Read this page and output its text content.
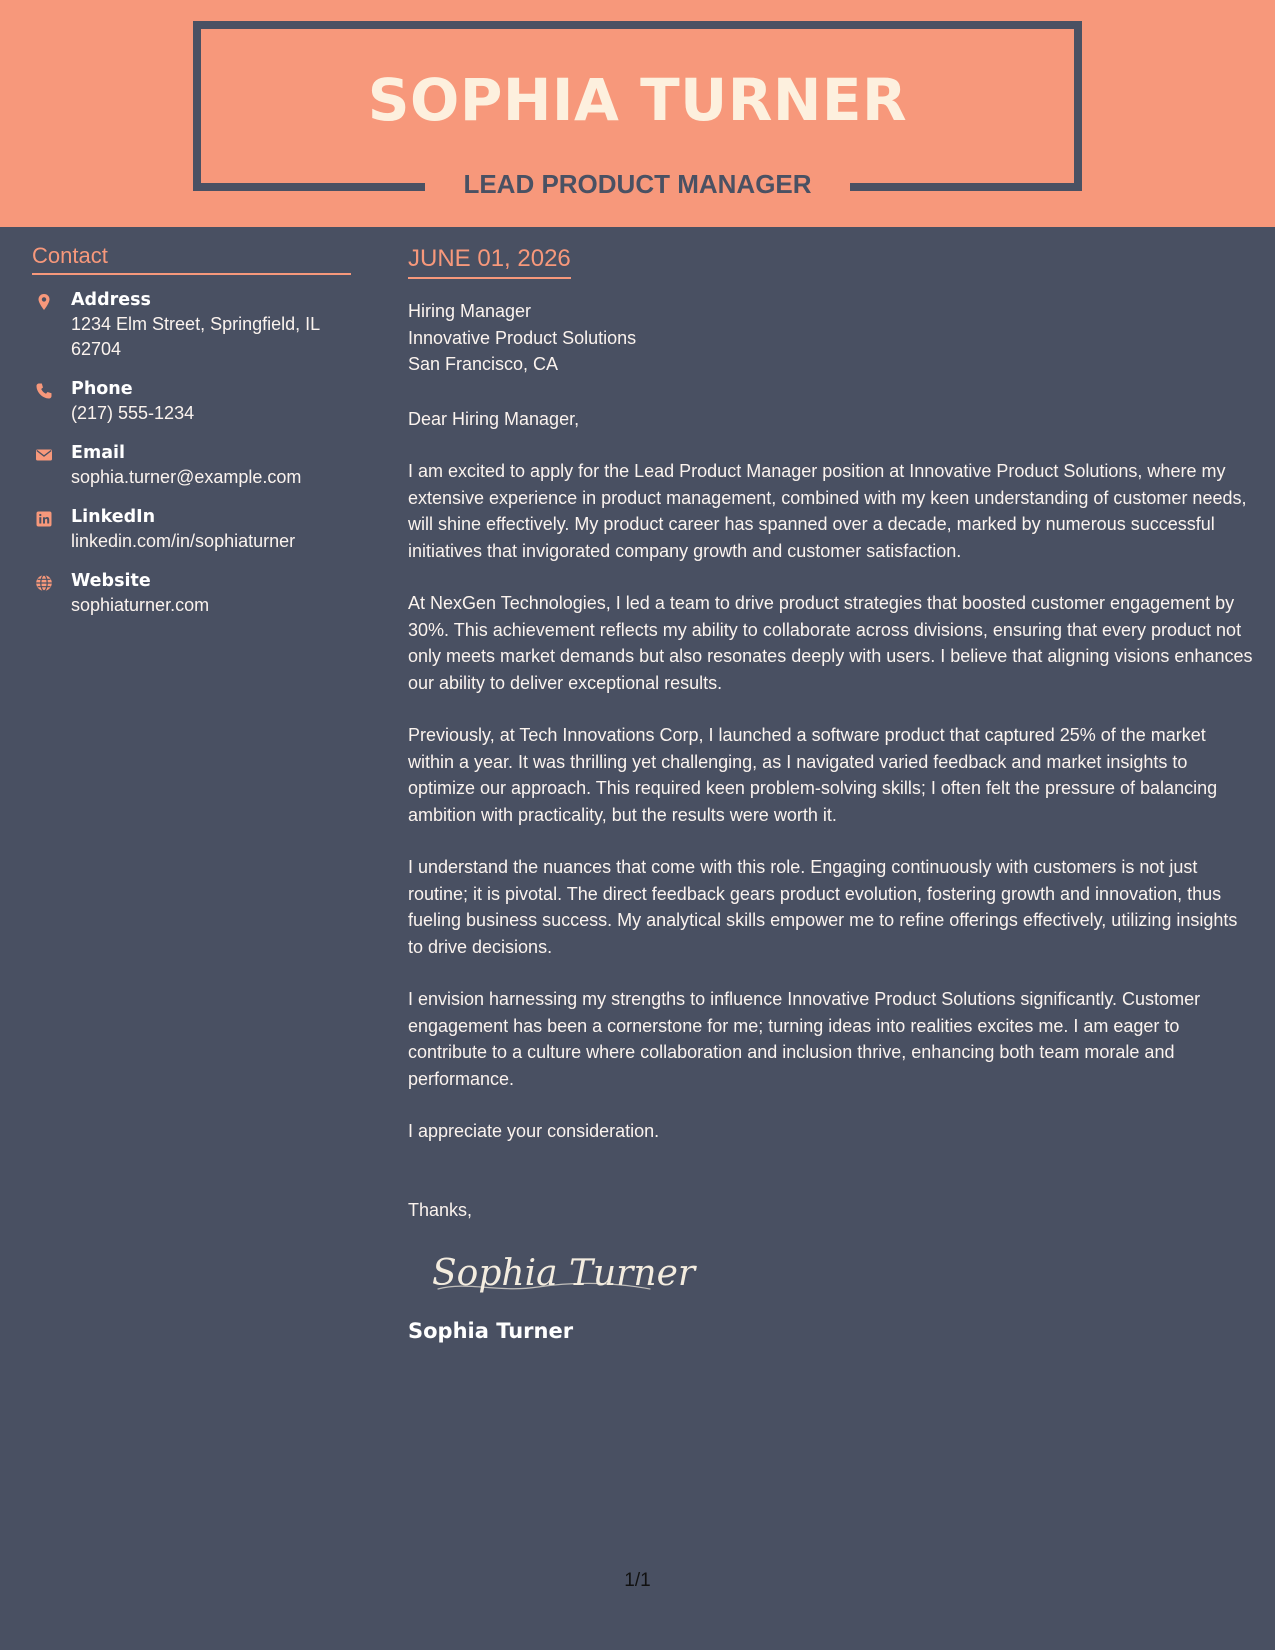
SOPHIA TURNER
LEAD PRODUCT MANAGER
Contact
Address
1234 Elm Street, Springfield, IL 62704
Phone
(217) 555-1234
Email
sophia.turner@example.com
LinkedIn
linkedin.com/in/sophiaturner
Website
sophiaturner.com
JUNE 01, 2026
Hiring Manager
Innovative Product Solutions
San Francisco, CA
Dear Hiring Manager,
I am excited to apply for the Lead Product Manager position at Innovative Product Solutions, where my extensive experience in product management, combined with my keen understanding of customer needs, will shine effectively. My product career has spanned over a decade, marked by numerous successful initiatives that invigorated company growth and customer satisfaction.
At NexGen Technologies, I led a team to drive product strategies that boosted customer engagement by 30%. This achievement reflects my ability to collaborate across divisions, ensuring that every product not only meets market demands but also resonates deeply with users. I believe that aligning visions enhances our ability to deliver exceptional results.
Previously, at Tech Innovations Corp, I launched a software product that captured 25% of the market within a year. It was thrilling yet challenging, as I navigated varied feedback and market insights to optimize our approach. This required keen problem-solving skills; I often felt the pressure of balancing ambition with practicality, but the results were worth it.
I understand the nuances that come with this role. Engaging continuously with customers is not just routine; it is pivotal. The direct feedback gears product evolution, fostering growth and innovation, thus fueling business success. My analytical skills empower me to refine offerings effectively, utilizing insights to drive decisions.
I envision harnessing my strengths to influence Innovative Product Solutions significantly. Customer engagement has been a cornerstone for me; turning ideas into realities excites me. I am eager to contribute to a culture where collaboration and inclusion thrive, enhancing both team morale and performance.
I appreciate your consideration.
Thanks,
Sophia Turner
Sophia Turner
1/1
